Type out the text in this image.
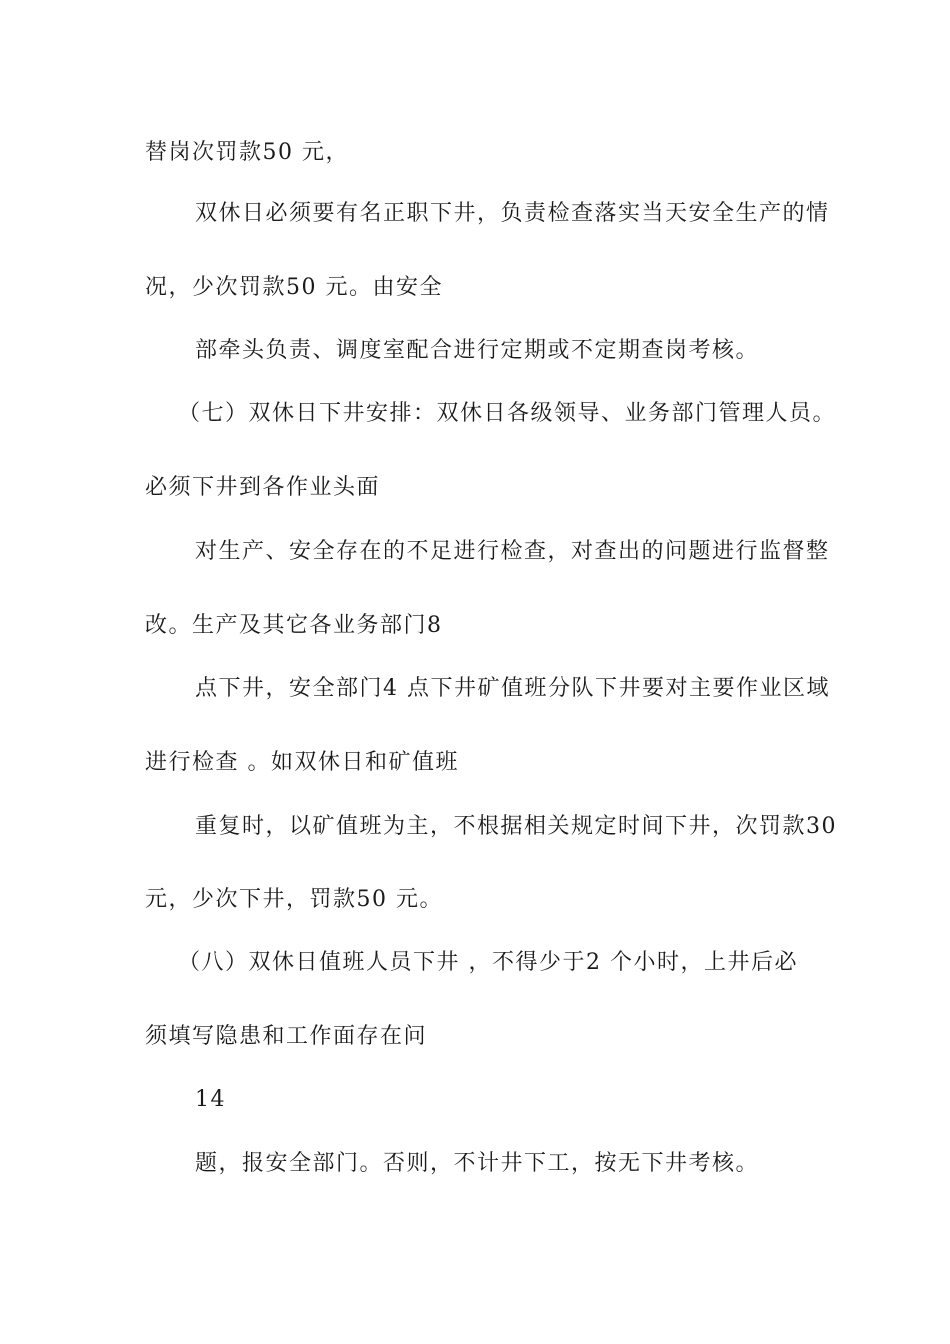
替岗次罚款50 元，
双休日必须要有名正职下井，负责检查落实当天安全生产的情
况，少次罚款50 元。由安全
部牵头负责、调度室配合进行定期或不定期查岗考核。
（七）双休日下井安排：双休日各级领导、业务部门管理人员。
必须下井到各作业头面
对生产、安全存在的不足进行检查，对查出的问题进行监督整
改。生产及其它各业务部门8
点下井，安全部门4 点下井矿值班分队下井要对主要作业区域
进行检查 。如双休日和矿值班
重复时，以矿值班为主，不根据相关规定时间下井，次罚款30
元，少次下井，罚款50 元。
（八）双休日值班人员下井 ，不得少于2 个小时，上井后必
须填写隐患和工作面存在问
14
题，报安全部门。否则，不计井下工，按无下井考核。
